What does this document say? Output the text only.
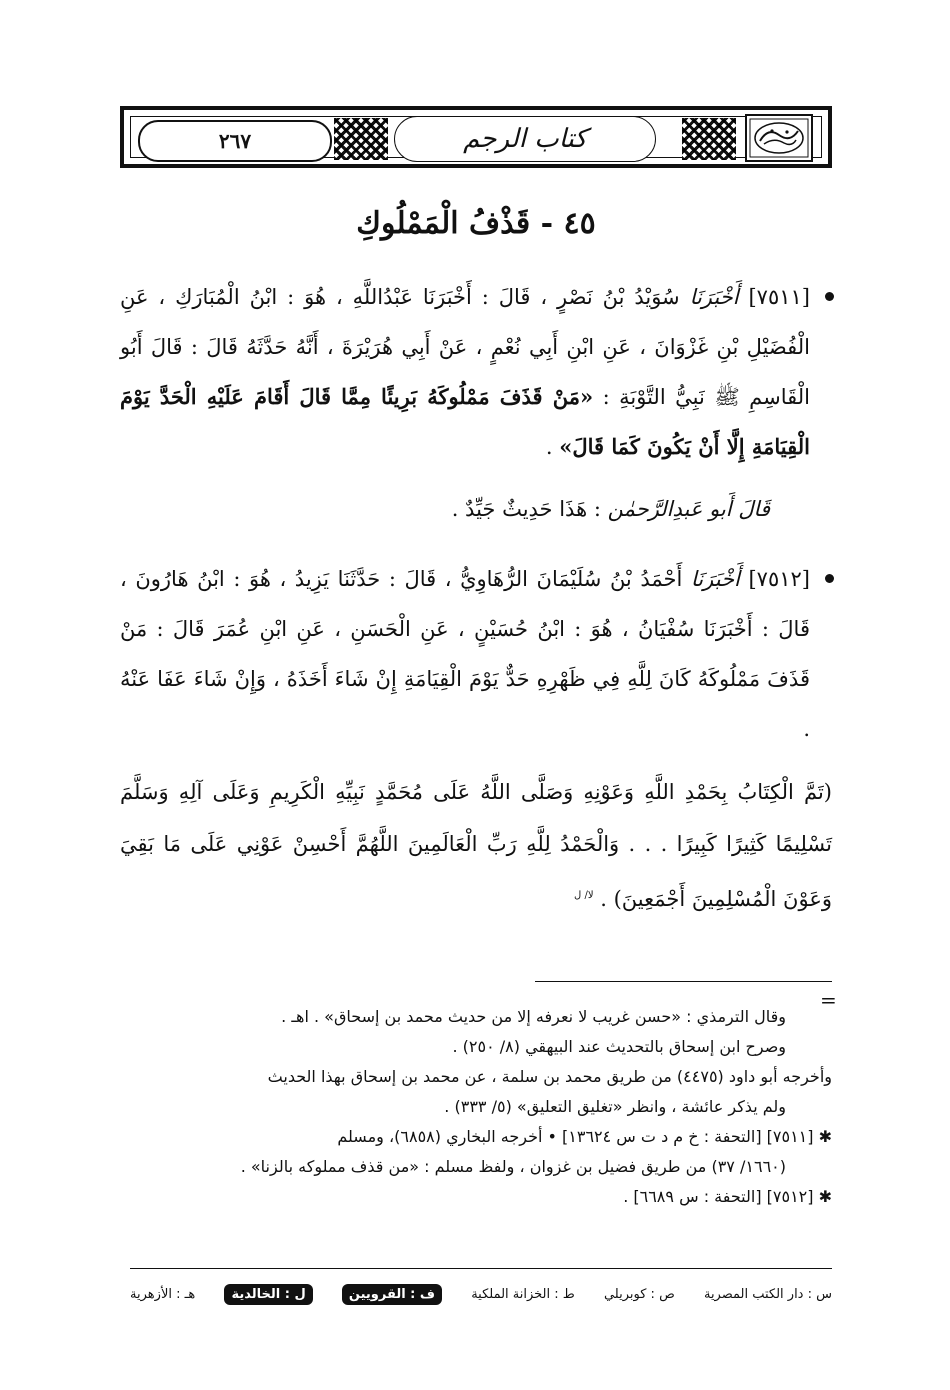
٢٦٧	كتاب الرجم
٤٥ - قَذْفُ الْمَمْلُوكِ

[٧٥١١] أَخْبَرَنَا سُوَيْدُ بْنُ نَصْرٍ ، قَالَ : أَخْبَرَنَا عَبْدُاللَّهِ ، هُوَ : ابْنُ الْمُبَارَكِ ، عَنِ الْفُضَيْلِ بْنِ غَزْوَانَ ، عَنِ ابْنِ أَبِي نُعْمٍ ، عَنْ أَبِي هُرَيْرَةَ ، أَنَّهُ حَدَّثَهُ قَالَ : قَالَ أَبُو الْقَاسِمِ ﷺ نَبِيُّ التَّوْبَةِ : «مَنْ قَذَفَ مَمْلُوكَهُ بَرِيئًا مِمَّا قَالَ أَقَامَ عَلَيْهِ الْحَدَّ يَوْمَ الْقِيَامَةِ إِلَّا أَنْ يَكُونَ كَمَا قَالَ» .

قَالَ أَبو عَبدِالرَّحمٰن : هَذَا حَدِيثٌ جَيِّدٌ .

[٧٥١٢] أَخْبَرَنَا أَحْمَدُ بْنُ سُلَيْمَانَ الرُّهَاوِيُّ ، قَالَ : حَدَّثَنَا يَزِيدُ ، هُوَ : ابْنُ هَارُونَ ، قَالَ : أَخْبَرَنَا سُفْيَانُ ، هُوَ : ابْنُ حُسَيْنٍ ، عَنِ الْحَسَنِ ، عَنِ ابْنِ عُمَرَ قَالَ : مَنْ قَذَفَ مَمْلُوكَهُ كَانَ لِلَّهِ فِي ظَهْرِهِ حَدٌّ يَوْمَ الْقِيَامَةِ إِنْ شَاءَ أَخَذَهُ ، وَإِنْ شَاءَ عَفَا عَنْهُ .

(تَمَّ الْكِتَابُ بِحَمْدِ اللَّهِ وَعَوْنِهِ وَصَلَّى اللَّهُ عَلَى مُحَمَّدٍ نَبِيِّهِ الْكَرِيمِ وَعَلَى آلِهِ وَسَلَّمَ تَسْلِيمًا كَثِيرًا كَبِيرًا . . . وَالْحَمْدُ لِلَّهِ رَبِّ الْعَالَمِينَ اللَّهُمَّ أَحْسِنْ عَوْنِي عَلَى مَا بَقِيَ وَعَوْنَ الْمُسْلِمِينَ أَجْمَعِينَ) . $^{لا/ ل}$

=

وقال الترمذي : «حسن غريب لا نعرفه إلا من حديث محمد بن إسحاق» . اهـ .

وصرح ابن إسحاق بالتحديث عند البيهقي (٨/ ٢٥٠) .

وأخرجه أبو داود (٤٤٧٥) من طريق محمد بن سلمة ، عن محمد بن إسحاق بهذا الحديث

ولم يذكر عائشة ، وانظر «تغليق التعليق» (٥/ ٣٣٣) .

✱ [٧٥١١] [التحفة : خ م د ت س ١٣٦٢٤] • أخرجه البخاري (٦٨٥٨)، ومسلم

(١٦٦٠/ ٣٧) من طريق فضيل بن غزوان ، ولفظ مسلم : «من قذف مملوكه بالزنا» .

✱ [٧٥١٢] [التحفة : س ٦٦٨٩] .

س : دار الكتب المصرية
ص : كوبريلي
ط : الخزانة الملكية
ف : القرويين
ل : الخالدية
هـ : الأزهرية
